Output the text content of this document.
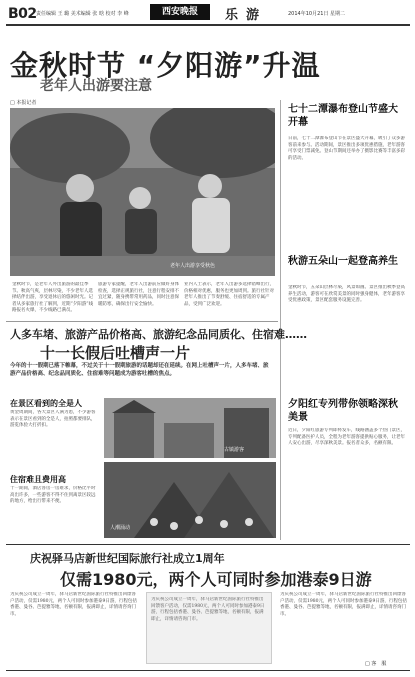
B02 责任编辑 王 璐 美术编辑 张 晗 校对 李 峰	西安晚报	乐游	2014年10月21日 星期二
金秋时节 “夕阳游”升温
老年人出游要注意
□ 本报记者
老年人出游享受秋色
金秋时节，是老年人外出旅游的最佳季节。秋高气爽，层林尽染，不少老年人选择结伴出游，享受退休后的悠闲时光。记者从多家旅行社了解到，近期“夕阳游”线路报名火爆，不少线路已满员。
旅游专家提醒，老年人出游前应做好身体检查，选择正规旅行社，注意行程安排不宜过紧，随身携带常用药品，同时注意保暖防寒，确保出行安全愉快。
业内人士表示，老年人出游多选择错峰出行，价格相对优惠，服务也更加周到。旅行社针对老年人推出了节奏舒缓、住宿舒适的专属产品，受到广泛欢迎。
七十二潭瀑布登山节盛大开幕
日前，七十二潭瀑布登山节在景区盛大开幕，吸引了众多游客前来参与。活动期间，景区推出多项优惠措施，老年游客可享受门票减免。登山节期间还举办了摄影比赛等丰富多彩的活动。
秋游五朵山一起登高养生
金秋时节，五朵山层林尽染，风景如画。景区推出秋季登高养生活动，游客可在欣赏美景的同时强身健体，老年游客享受优惠政策，景区配套服务设施完善。
夕阳红专列带你领略深秋美景
近日，夕阳红旅游专列即将发车，线路涵盖多个热门景区，专列配备医护人员，全程为老年游客提供贴心服务，让老年人安心出游，尽享深秋美景。报名者众多，名额有限。
人多车堵、旅游产品价格高、旅游纪念品同质化、住宿难……
十一长假后吐槽声一片
今年的十一假期已落下帷幕，不过关于十一假期旅游的话题却还在延续。在网上吐槽声一片，人多车堵、旅游产品价格高、纪念品同质化、住宿难等问题成为游客吐槽的焦点。
在景区看到的全是人
黄金周期间，各大景区人满为患，不少游客表示在景区看到的全是人，拍照都要排队，游览体验大打折扣。
住宿难且费用高
十一期间，酒店客房一房难求，价格比平时高出许多，一些游客不得不住到离景区较远的地方，给出行带来不便。
古镇游客
人潮涌动
庆祝驿马店新世纪国际旅行社成立1周年
仅需1980元，两个人可同时参加港泰9日游
为庆祝公司成立一周年，驿马店新世纪国际旅行社特推出回馈客户活动，仅需1980元，两个人可同时参加港泰9日游，行程包括香港、曼谷、芭提雅等地，名额有限，报满即止，详情请咨询门市。
为庆祝公司成立一周年，驿马店新世纪国际旅行社特推出回馈客户活动，仅需1980元，两个人可同时参加港泰9日游，行程包括香港、曼谷、芭提雅等地，名额有限，报满即止，详情请咨询门市。
为庆祝公司成立一周年，驿马店新世纪国际旅行社特推出回馈客户活动，仅需1980元，两个人可同时参加港泰9日游，行程包括香港、曼谷、芭提雅等地，名额有限，报满即止，详情请咨询门市。
□ 客　服
